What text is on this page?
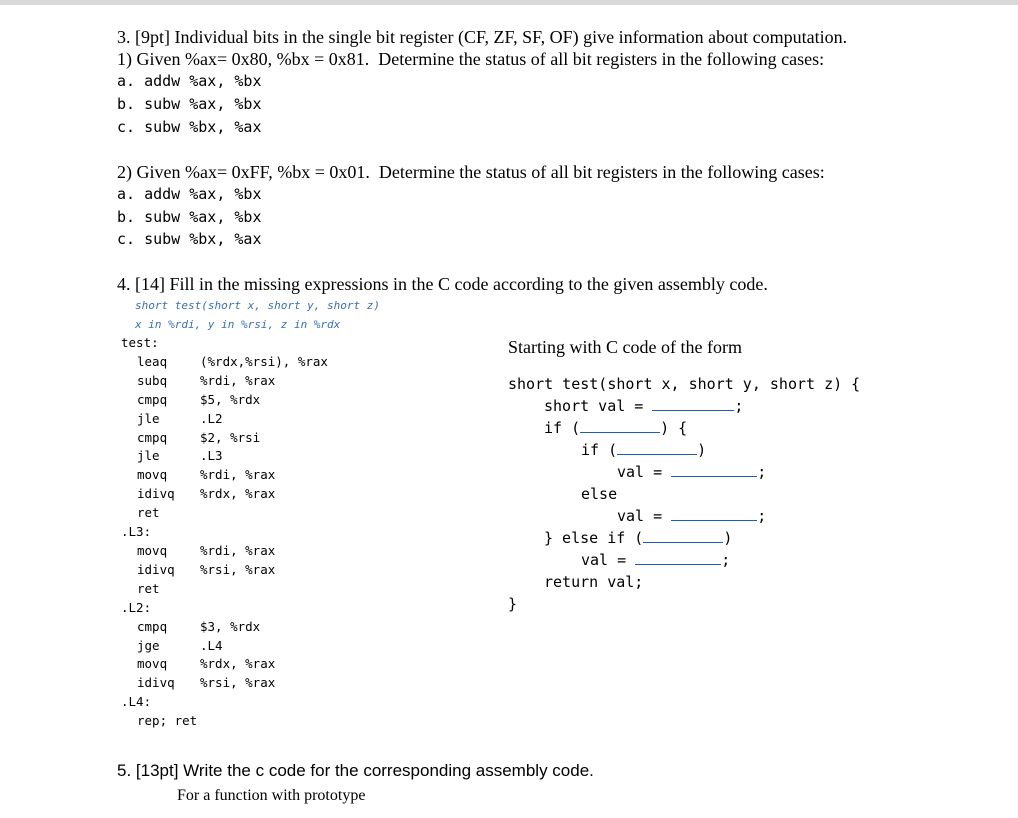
3. [9pt] Individual bits in the single bit register (CF, ZF, SF, OF) give information about computation.
1) Given %ax= 0x80, %bx = 0x81.  Determine the status of all bit registers in the following cases:
a. addw %ax, %bx
b. subw %ax, %bx
c. subw %bx, %ax
2) Given %ax= 0xFF, %bx = 0x01.  Determine the status of all bit registers in the following cases:
a. addw %ax, %bx
b. subw %ax, %bx
c. subw %bx, %ax
4. [14] Fill in the missing expressions in the C code according to the given assembly code.
short test(short x, short y, short z)
x in %rdi, y in %rsi, z in %rdx
test:
leaq	(%rdx,%rsi), %rax
subq	%rdi, %rax
cmpq	$5, %rdx
jle	.L2
cmpq	$2, %rsi
jle	.L3
movq	%rdi, %rax
idivq %rdx, %rax
ret
.L3:
movq	%rdi, %rax
idivq %rsi, %rax
ret
.L2:
cmpq	$3, %rdx
jge	.L4
movq	%rdx, %rax
idivq %rsi, %rax
.L4:
rep; ret
Starting with C code of the form
short test(short x, short y, short z) {
short val =	;
if (	) {
if (	)
val =	;
else
val =	;
} else if (	)
val =	;
return val;
}
5. [13pt] Write the c code for the corresponding assembly code.
For a function with prototype
